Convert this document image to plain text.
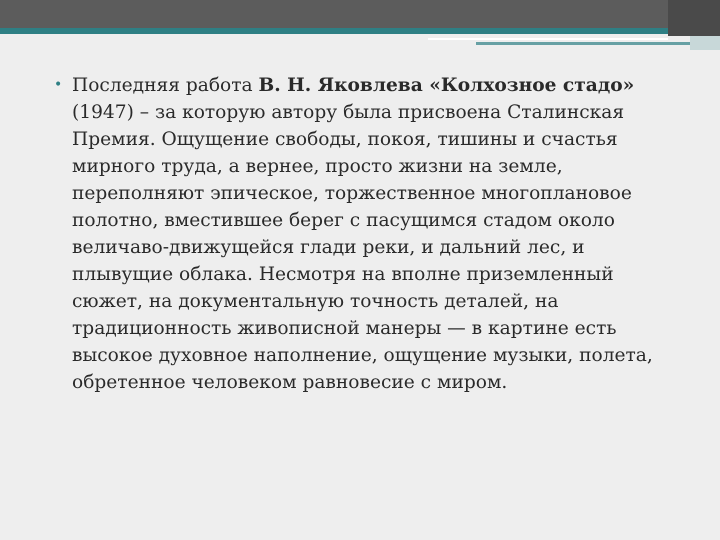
• Последняя работа В. Н. Яковлева «Колхозное стадо» (1947) – за которую автору была присвоена Сталинская Премия. Ощущение свободы, покоя, тишины и счастья мирного труда, а вернее, просто жизни на земле, переполняют эпическое, торжественное многоплановое полотно, вместившее берег с пасущимся стадом около величаво-движущейся глади реки, и дальний лес, и плывущие облака. Несмотря на вполне приземленный сюжет, на документальную точность деталей, на традиционность живописной манеры — в картине есть высокое духовное наполнение, ощущение музыки, полета, обретенное человеком равновесие с миром.
